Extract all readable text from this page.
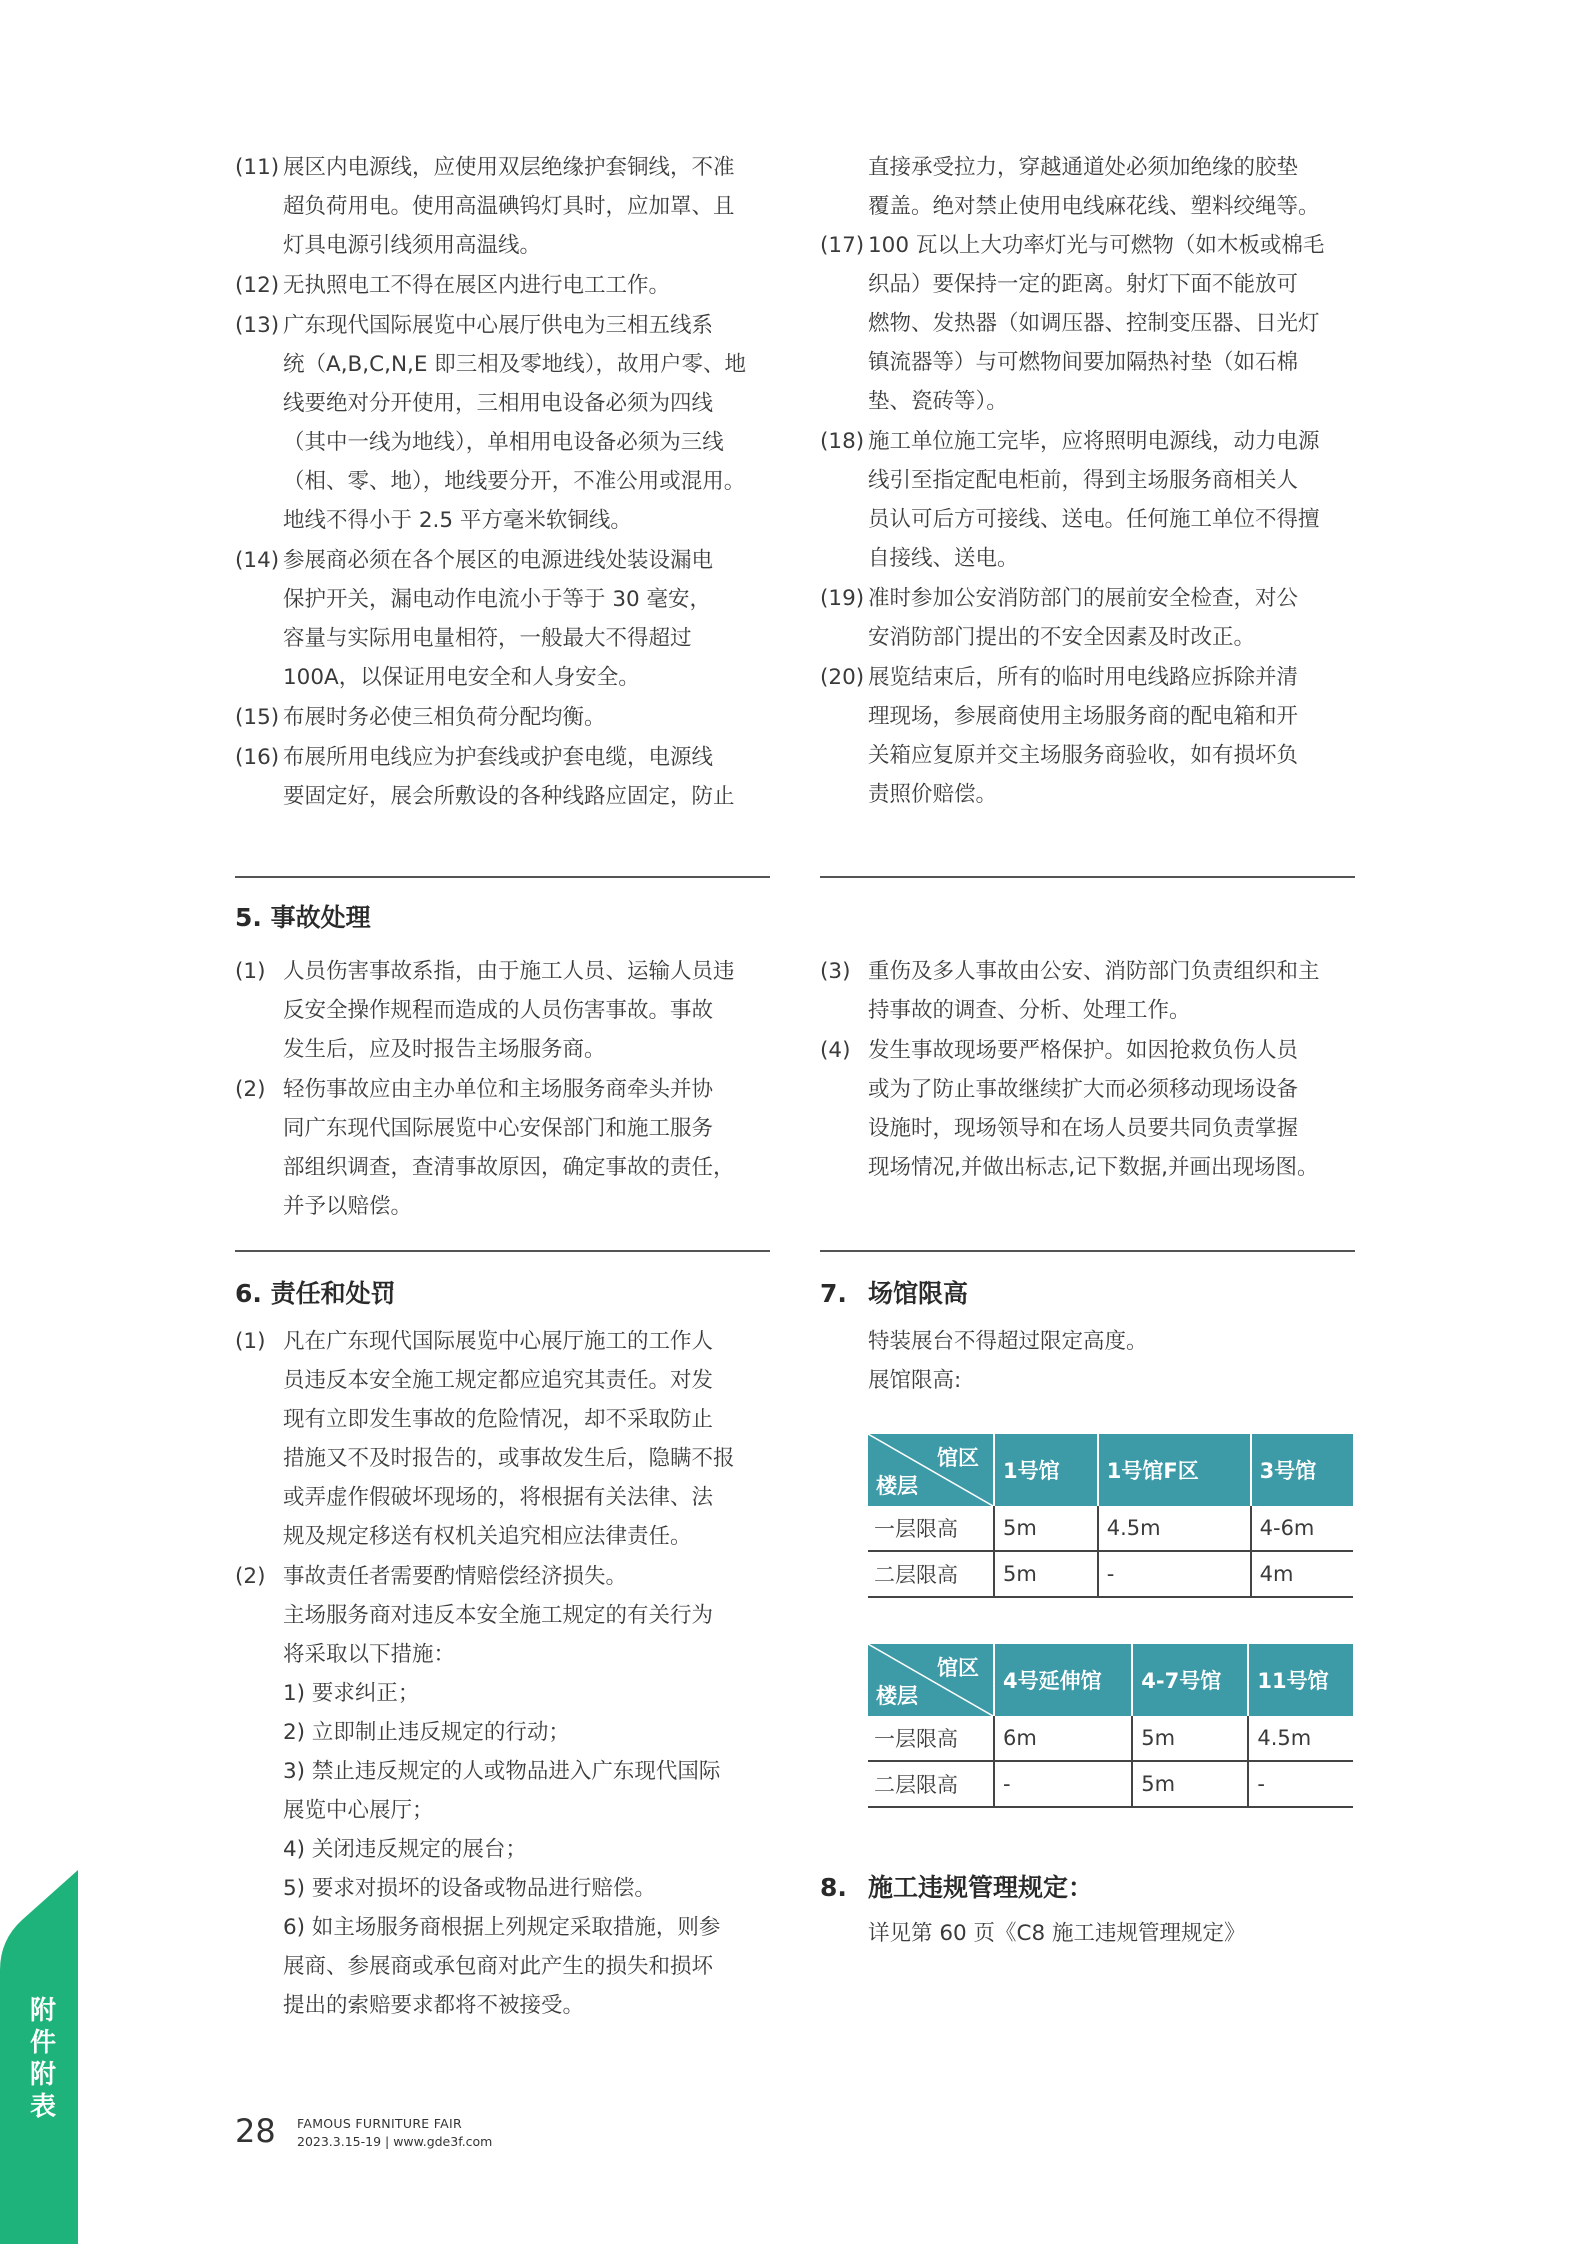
(11) 展区内电源线，应使用双层绝缘护套铜线，不准
超负荷用电。使用高温碘钨灯具时，应加罩、且
灯具电源引线须用高温线。
(12) 无执照电工不得在展区内进行电工工作。
(13) 广东现代国际展览中心展厅供电为三相五线系
统（A,B,C,N,E 即三相及零地线），故用户零、地
线要绝对分开使用，三相用电设备必须为四线
（其中一线为地线），单相用电设备必须为三线
（相、零、地），地线要分开，不准公用或混用。
地线不得小于 2.5 平方毫米软铜线。
(14) 参展商必须在各个展区的电源进线处装设漏电
保护开关，漏电动作电流小于等于 30 毫安，
容量与实际用电量相符，一般最大不得超过
100A，以保证用电安全和人身安全。
(15) 布展时务必使三相负荷分配均衡。
(16) 布展所用电线应为护套线或护套电缆，电源线
要固定好，展会所敷设的各种线路应固定，防止
直接承受拉力，穿越通道处必须加绝缘的胶垫
覆盖。绝对禁止使用电线麻花线、塑料绞绳等。
(17) 100 瓦以上大功率灯光与可燃物（如木板或棉毛
织品）要保持一定的距离。射灯下面不能放可
燃物、发热器（如调压器、控制变压器、日光灯
镇流器等）与可燃物间要加隔热衬垫（如石棉
垫、瓷砖等）。
(18) 施工单位施工完毕，应将照明电源线，动力电源
线引至指定配电柜前，得到主场服务商相关人
员认可后方可接线、送电。任何施工单位不得擅
自接线、送电。
(19) 准时参加公安消防部门的展前安全检查，对公
安消防部门提出的不安全因素及时改正。
(20) 展览结束后，所有的临时用电线路应拆除并清
理现场，参展商使用主场服务商的配电箱和开
关箱应复原并交主场服务商验收，如有损坏负
责照价赔偿。
5. 事故处理
(1) 人员伤害事故系指，由于施工人员、运输人员违
反安全操作规程而造成的人员伤害事故。事故
发生后，应及时报告主场服务商。
(2) 轻伤事故应由主办单位和主场服务商牵头并协
同广东现代国际展览中心安保部门和施工服务
部组织调查，查清事故原因，确定事故的责任，
并予以赔偿。
(3) 重伤及多人事故由公安、消防部门负责组织和主
持事故的调查、分析、处理工作。
(4) 发生事故现场要严格保护。如因抢救负伤人员
或为了防止事故继续扩大而必须移动现场设备
设施时，现场领导和在场人员要共同负责掌握
现场情况,并做出标志,记下数据,并画出现场图。
6. 责任和处罚
(1) 凡在广东现代国际展览中心展厅施工的工作人
员违反本安全施工规定都应追究其责任。对发
现有立即发生事故的危险情况，却不采取防止
措施又不及时报告的，或事故发生后，隐瞒不报
或弄虚作假破坏现场的，将根据有关法律、法
规及规定移送有权机关追究相应法律责任。
(2) 事故责任者需要酌情赔偿经济损失。
主场服务商对违反本安全施工规定的有关行为
将采取以下措施：
1) 要求纠正；
2) 立即制止违反规定的行动；
3) 禁止违反规定的人或物品进入广东现代国际
展览中心展厅；
4) 关闭违反规定的展台；
5) 要求对损坏的设备或物品进行赔偿。
6) 如主场服务商根据上列规定采取措施，则参
展商、参展商或承包商对此产生的损失和损坏
提出的索赔要求都将不被接受。
7. 场馆限高
特装展台不得超过限定高度。
展馆限高:
馆区
楼层	1号馆	1号馆F区	3号馆
一层限高	5m	4.5m	4-6m
二层限高	5m	-	4m
馆区
楼层	4号延伸馆	4-7号馆	11号馆
一层限高	6m	5m	4.5m
二层限高	-	5m	-
8. 施工违规管理规定：
详见第 60 页《C8 施工违规管理规定》
附件附表
28 FAMOUS FURNITURE FAIR
2023.3.15-19 | www.gde3f.com
